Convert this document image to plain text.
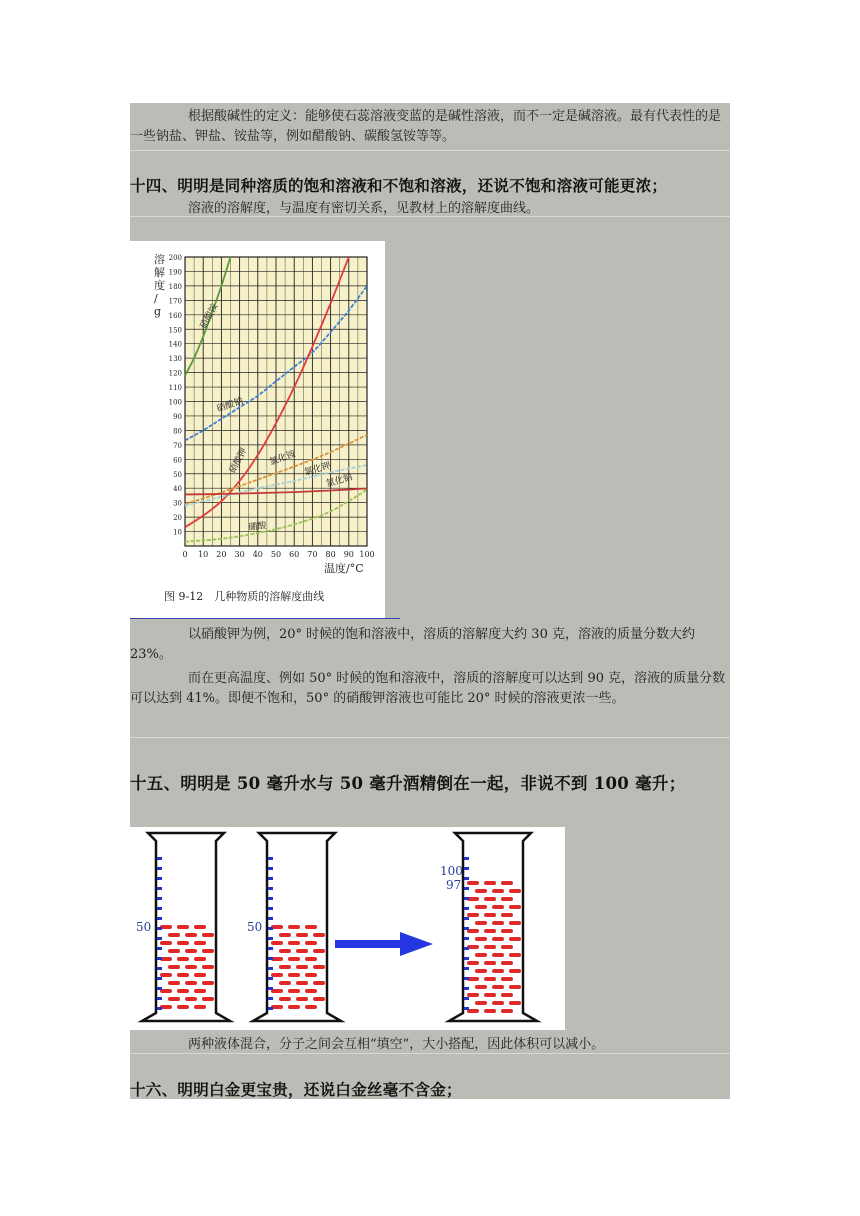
根据酸碱性的定义：能够使石蕊溶液变蓝的是碱性溶液，而不一定是碱溶液。最有代表性的是一些钠盐、钾盐、铵盐等，例如醋酸钠、碳酸氢铵等等。

十四、明明是同种溶质的饱和溶液和不饱和溶液，还说不饱和溶液可能更浓；

溶液的溶解度，与温度有密切关系，见教材上的溶解度曲线。

10
20
30
40
50
60
70
80
90
100
110
120
130
140
150
160
170
180
190
200
0 10 20 30 40 50 60 70 80 90 100
溶解度/ g
温度/°C
图 9-12　几种物质的溶解度曲线
硝酸铵
硝酸钠
硝酸钾 氯化铵
氯化钾
氯化钠
硼酸

以硝酸钾为例，20° 时候的饱和溶液中，溶质的溶解度大约 30 克，溶液的质量分数大约 23%。

而在更高温度、例如 50° 时候的饱和溶液中，溶质的溶解度可以达到 90 克，溶液的质量分数可以达到 41%。即便不饱和，50° 的硝酸钾溶液也可能比 20° 时候的溶液更浓一些。

十五、明明是 50 毫升水与 50 毫升酒精倒在一起，非说不到 100 毫升；

50	50
100
97

两种液体混合，分子之间会互相“填空”，大小搭配，因此体积可以减小。

十六、明明白金更宝贵，还说白金丝毫不含金；
